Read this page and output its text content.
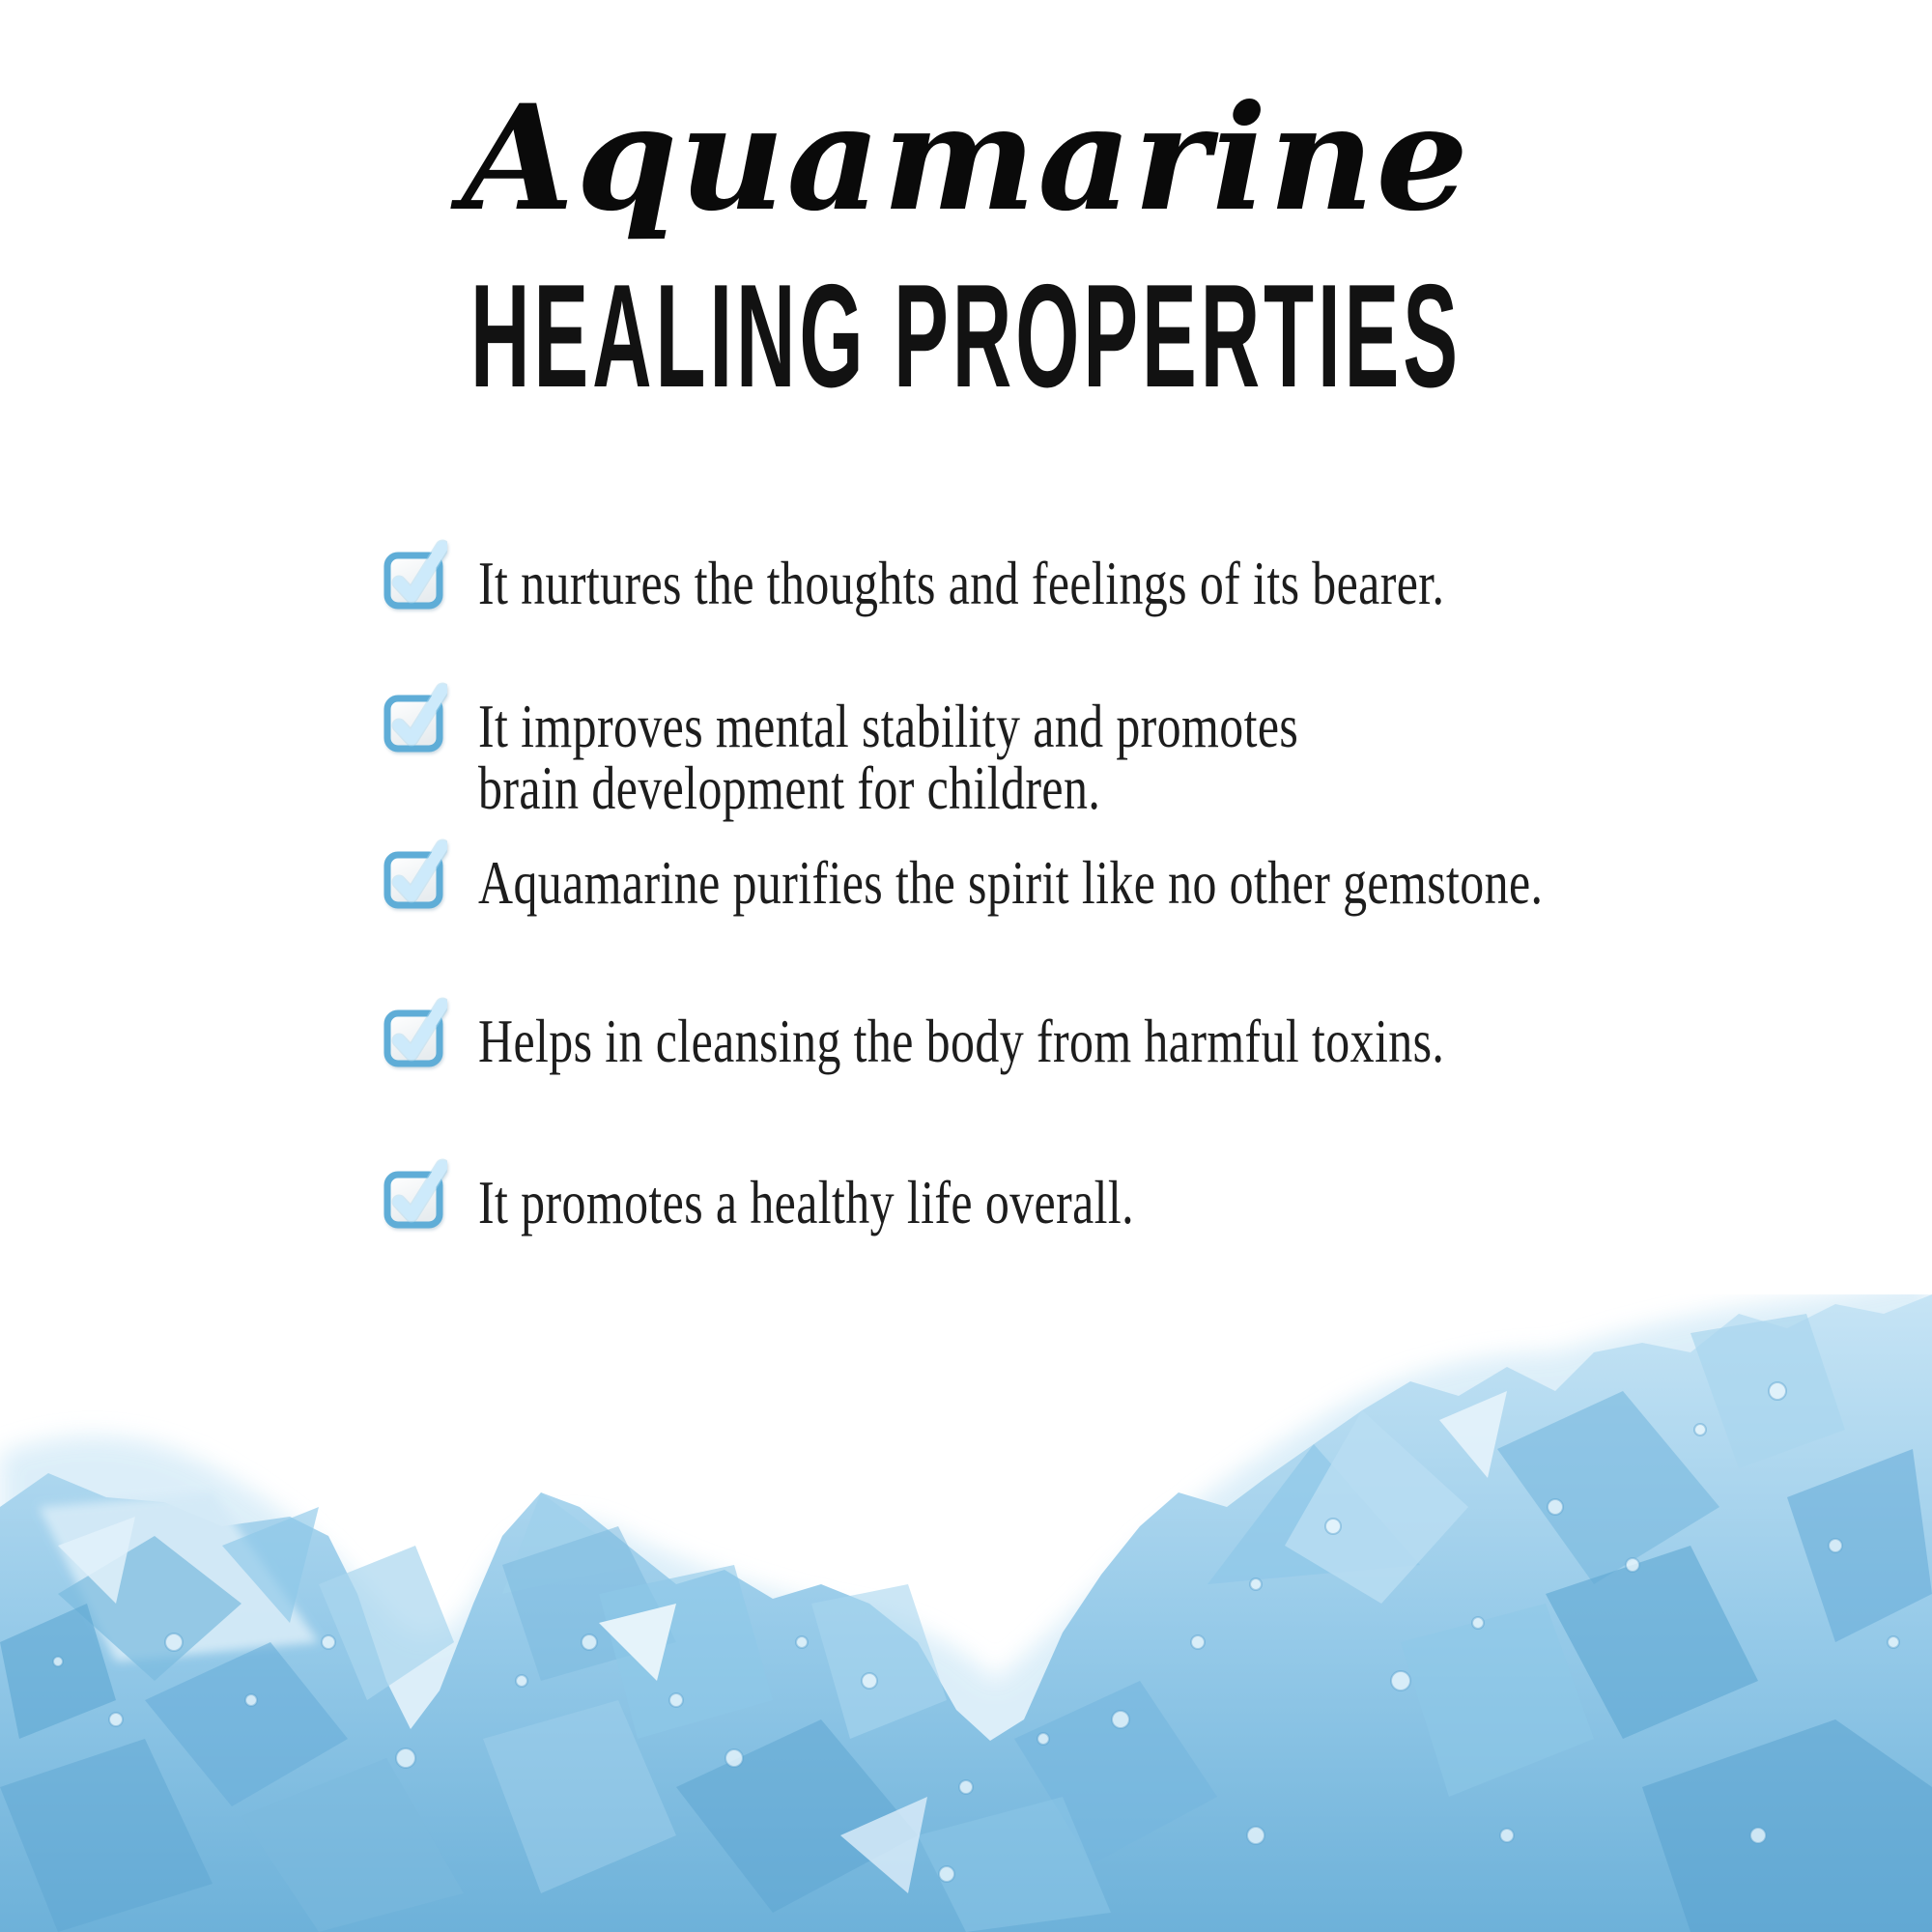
Aquamarine
HEALING PROPERTIES
It nurtures the thoughts and feelings of its bearer.
It improves mental stability and promotes
brain development for children.
Aquamarine purifies the spirit like no other gemstone.
Helps in cleansing the body from harmful toxins.
It promotes a healthy life overall.
